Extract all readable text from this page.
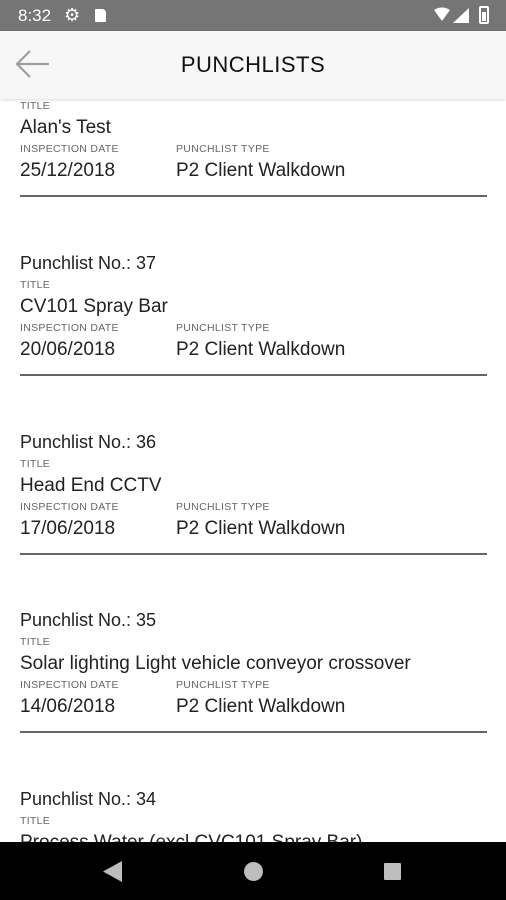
8:32 ⚙
PUNCHLISTS
TITLE
Alan's Test
INSPECTION DATE	PUNCHLIST TYPE
25/12/2018	P2 Client Walkdown
Punchlist No.: 37
TITLE
CV101 Spray Bar
INSPECTION DATE	PUNCHLIST TYPE
20/06/2018	P2 Client Walkdown
Punchlist No.: 36
TITLE
Head End CCTV
INSPECTION DATE	PUNCHLIST TYPE
17/06/2018	P2 Client Walkdown
Punchlist No.: 35
TITLE
Solar lighting Light vehicle conveyor crossover
INSPECTION DATE	PUNCHLIST TYPE
14/06/2018	P2 Client Walkdown
Punchlist No.: 34
TITLE
